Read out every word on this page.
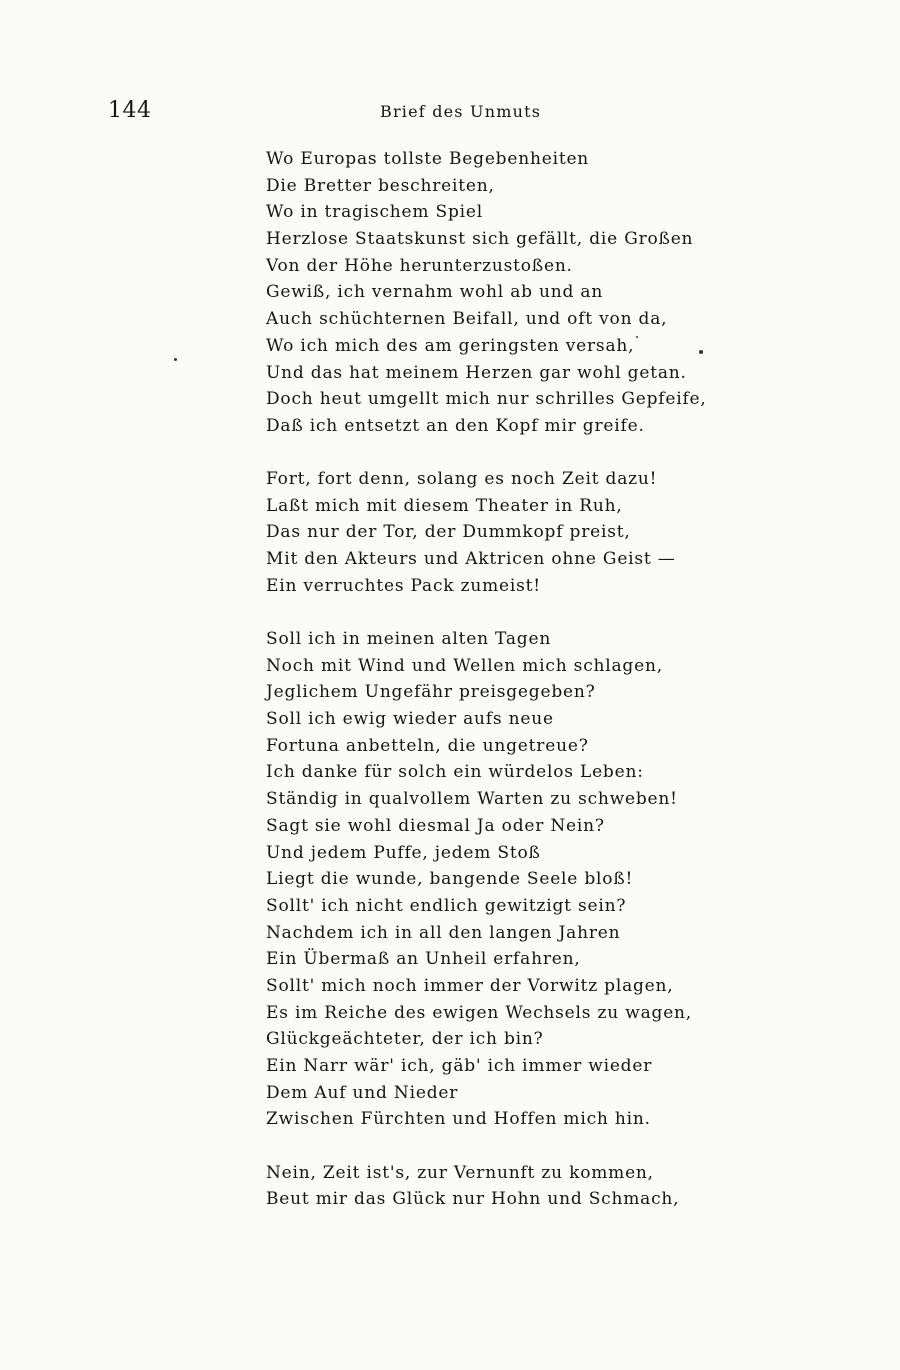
144	Brief des Unmuts
Wo Europas tollste Begebenheiten
Die Bretter beschreiten,
Wo in tragischem Spiel
Herzlose Staatskunst sich gefällt, die Großen
Von der Höhe herunterzustoßen.
Gewiß, ich vernahm wohl ab und an
Auch schüchternen Beifall, und oft von da,
Wo ich mich des am geringsten versah,
Und das hat meinem Herzen gar wohl getan.
Doch heut umgellt mich nur schrilles Gepfeife,
Daß ich entsetzt an den Kopf mir greife.
Fort, fort denn, solang es noch Zeit dazu!
Laßt mich mit diesem Theater in Ruh,
Das nur der Tor, der Dummkopf preist,
Mit den Akteurs und Aktricen ohne Geist —
Ein verruchtes Pack zumeist!
Soll ich in meinen alten Tagen
Noch mit Wind und Wellen mich schlagen,
Jeglichem Ungefähr preisgegeben?
Soll ich ewig wieder aufs neue
Fortuna anbetteln, die ungetreue?
Ich danke für solch ein würdelos Leben:
Ständig in qualvollem Warten zu schweben!
Sagt sie wohl diesmal Ja oder Nein?
Und jedem Puffe, jedem Stoß
Liegt die wunde, bangende Seele bloß!
Sollt' ich nicht endlich gewitzigt sein?
Nachdem ich in all den langen Jahren
Ein Übermaß an Unheil erfahren,
Sollt' mich noch immer der Vorwitz plagen,
Es im Reiche des ewigen Wechsels zu wagen,
Glückgeächteter, der ich bin?
Ein Narr wär' ich, gäb' ich immer wieder
Dem Auf und Nieder
Zwischen Fürchten und Hoffen mich hin.
Nein, Zeit ist's, zur Vernunft zu kommen,
Beut mir das Glück nur Hohn und Schmach,
